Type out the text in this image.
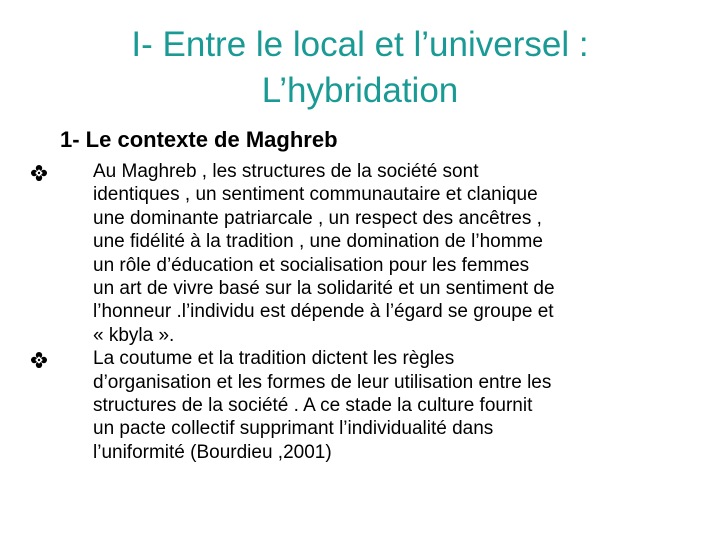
I- Entre le local et l’universel :
L’hybridation
1- Le contexte de Maghreb
Au Maghreb , les structures de la société sont
identiques , un sentiment communautaire et clanique
une dominante patriarcale , un respect des ancêtres ,
une fidélité à la tradition , une domination de l’homme
un rôle d’éducation et socialisation pour les femmes
un art de vivre basé sur la solidarité et un sentiment de
l’honneur .l’individu est dépende à l’égard se groupe et
« kbyla ».
La coutume et la tradition dictent les règles
d’organisation et les formes de leur utilisation entre les
structures de la société . A ce stade la culture fournit
un pacte collectif supprimant l’individualité dans
l’uniformité (Bourdieu ,2001)
